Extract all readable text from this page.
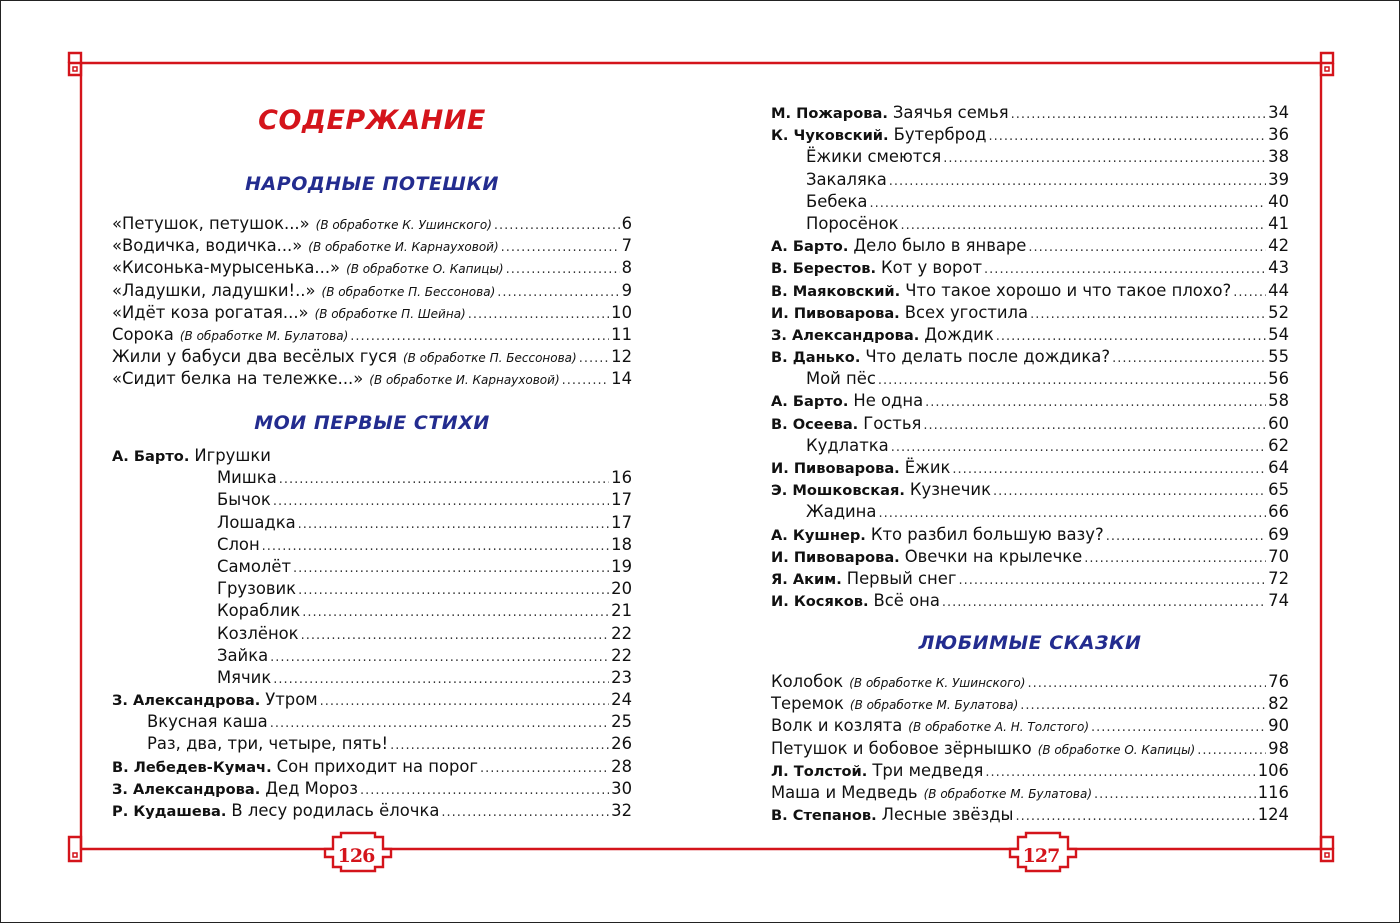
126	127
СОДЕРЖАНИЕ
НАРОДНЫЕ ПОТЕШКИ
«Петушок, петушок...» (В обработке К. Ушинского) .....	6
«Водичка, водичка...» (В обработке И. Карнауховой) .....	7
«Кисонька-мурысенька...» (В обработке О. Капицы) .....	8
«Ладушки, ладушки!..» (В обработке П. Бессонова) .....	9
«Идёт коза рогатая...» (В обработке П. Шейна) .....	10
Сорока (В обработке М. Булатова) .....	11
Жили у бабуси два весёлых гуся (В обработке П. Бессонова) ..... 12
«Сидит белка на тележке...» (В обработке И. Карнауховой) .....	14
МОИ ПЕРВЫЕ СТИХИ
А. Барто. Игрушки
Мишка .....	16
Бычок .....	17
Лошадка .....	17
Слон .....	18
Самолёт .....	19
Грузовик .....	20
Кораблик .....	21
Козлёнок .....	22
Зайка .....	22
Мячик .....	23
З. Александрова. Утром .....	24
Вкусная каша .....	25
Раз, два, три, четыре, пять! .....	26
В. Лебедев-Кумач. Сон приходит на порог .....	28
З. Александрова. Дед Мороз .....	30
Р. Кудашева. В лесу родилась ёлочка .....	32
М. Пожарова. Заячья семья .....	34
К. Чуковский. Бутерброд .....	36
Ёжики смеются .....	38
Закаляка .....	39
Бебека .....	40
Поросёнок .....	41
А. Барто. Дело было в январе .....	42
В. Берестов. Кот у ворот .....	43
В. Маяковский. Что такое хорошо и что такое плохо? ..... 44
И. Пивоварова. Всех угостила .....	52
З. Александрова. Дождик .....	54
В. Данько. Что делать после дождика? .....	55
Мой пёс .....	56
А. Барто. Не одна .....	58
В. Осеева. Гостья .....	60
Кудлатка .....	62
И. Пивоварова. Ёжик .....	64
Э. Мошковская. Кузнечик .....	65
Жадина .....	66
А. Кушнер. Кто разбил большую вазу? .....	69
И. Пивоварова. Овечки на крылечке .....	70
Я. Аким. Первый снег .....	72
И. Косяков. Всё она .....	74
ЛЮБИМЫЕ СКАЗКИ
Колобок (В обработке К. Ушинского) .....	76
Теремок (В обработке М. Булатова) .....	82
Волк и козлята (В обработке А. Н. Толстого) .....	90
Петушок и бобовое зёрнышко (В обработке О. Капицы) .....	98
Л. Толстой. Три медведя .....	106
Маша и Медведь (В обработке М. Булатова) .....	116
В. Степанов. Лесные звёзды .....	124
